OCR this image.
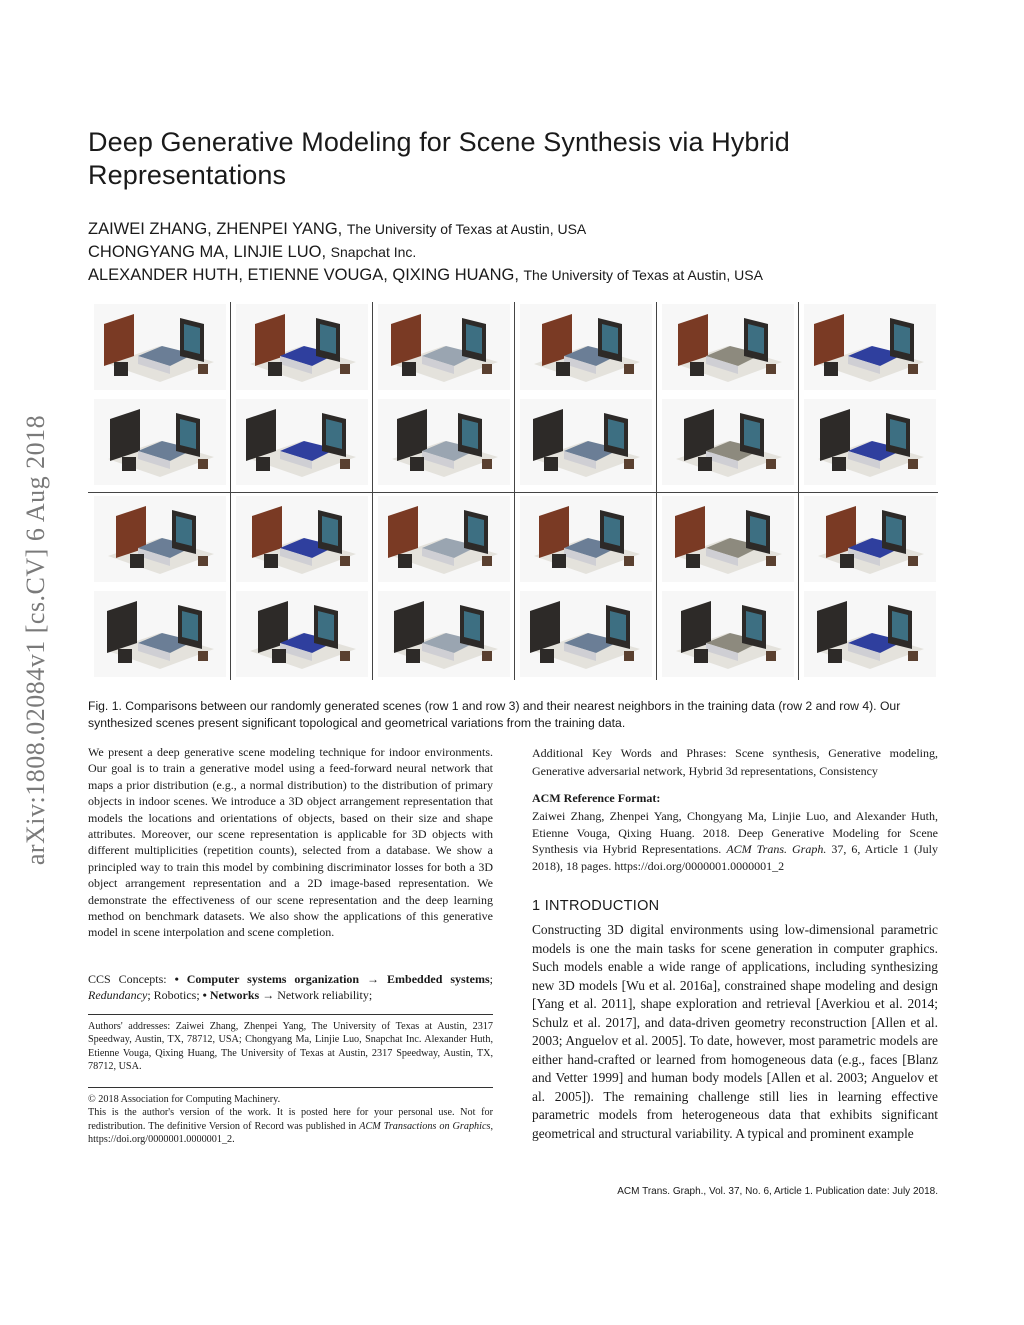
Deep Generative Modeling for Scene Synthesis via Hybrid Representations
ZAIWEI ZHANG, ZHENPEI YANG, The University of Texas at Austin, USA
CHONGYANG MA, LINJIE LUO, Snapchat Inc.
ALEXANDER HUTH, ETIENNE VOUGA, QIXING HUANG, The University of Texas at Austin, USA
arXiv:1808.02084v1 [cs.CV] 6 Aug 2018	Fig. 1. Comparisons between our randomly generated scenes (row 1 and row 3) and their nearest neighbors in the training data (row 2 and row 4). Our synthesized scenes present significant topological and geometrical variations from the training data.

We present a deep generative scene modeling technique for indoor environments. Our goal is to train a generative model using a feed-forward neural network that maps a prior distribution (e.g., a normal distribution) to the distribution of primary objects in indoor scenes. We introduce a 3D object arrangement representation that models the locations and orientations of objects, based on their size and shape attributes. Moreover, our scene representation is applicable for 3D objects with different multiplicities (repetition counts), selected from a database. We show a principled way to train this model by combining discriminator losses for both a 3D object arrangement representation and a 2D image-based representation. We demonstrate the effectiveness of our scene representation and the deep learning method on benchmark datasets. We also show the applications of this generative model in scene interpolation and scene completion.

CCS Concepts: • Computer systems organization → Embedded systems; Redundancy; Robotics; • Networks → Network reliability;

Authors' addresses: Zaiwei Zhang, Zhenpei Yang, The University of Texas at Austin, 2317 Speedway, Austin, TX, 78712, USA; Chongyang Ma, Linjie Luo, Snapchat Inc. Alexander Huth, Etienne Vouga, Qixing Huang, The University of Texas at Austin, 2317 Speedway, Austin, TX, 78712, USA.

© 2018 Association for Computing Machinery.

This is the author's version of the work. It is posted here for your personal use. Not for redistribution. The definitive Version of Record was published in ACM Transactions on Graphics, https://doi.org/0000001.0000001_2.

Additional Key Words and Phrases: Scene synthesis, Generative modeling, Generative adversarial network, Hybrid 3d representations, Consistency

ACM Reference Format:

Zaiwei Zhang, Zhenpei Yang, Chongyang Ma, Linjie Luo, and Alexander Huth, Etienne Vouga, Qixing Huang. 2018. Deep Generative Modeling for Scene Synthesis via Hybrid Representations. ACM Trans. Graph. 37, 6, Article 1 (July 2018), 18 pages. https://doi.org/0000001.0000001_2

1 INTRODUCTION

Constructing 3D digital environments using low-dimensional parametric models is one the main tasks for scene generation in computer graphics. Such models enable a wide range of applications, including synthesizing new 3D models [Wu et al. 2016a], constrained shape modeling and design [Yang et al. 2011], shape exploration and retrieval [Averkiou et al. 2014; Schulz et al. 2017], and data-driven geometry reconstruction [Allen et al. 2003; Anguelov et al. 2005]. To date, however, most parametric models are either hand-crafted or learned from homogeneous data (e.g., faces [Blanz and Vetter 1999] and human body models [Allen et al. 2003; Anguelov et al. 2005]). The remaining challenge still lies in learning effective parametric models from heterogeneous data that exhibits significant geometrical and structural variability. A typical and prominent example

ACM Trans. Graph., Vol. 37, No. 6, Article 1. Publication date: July 2018.
